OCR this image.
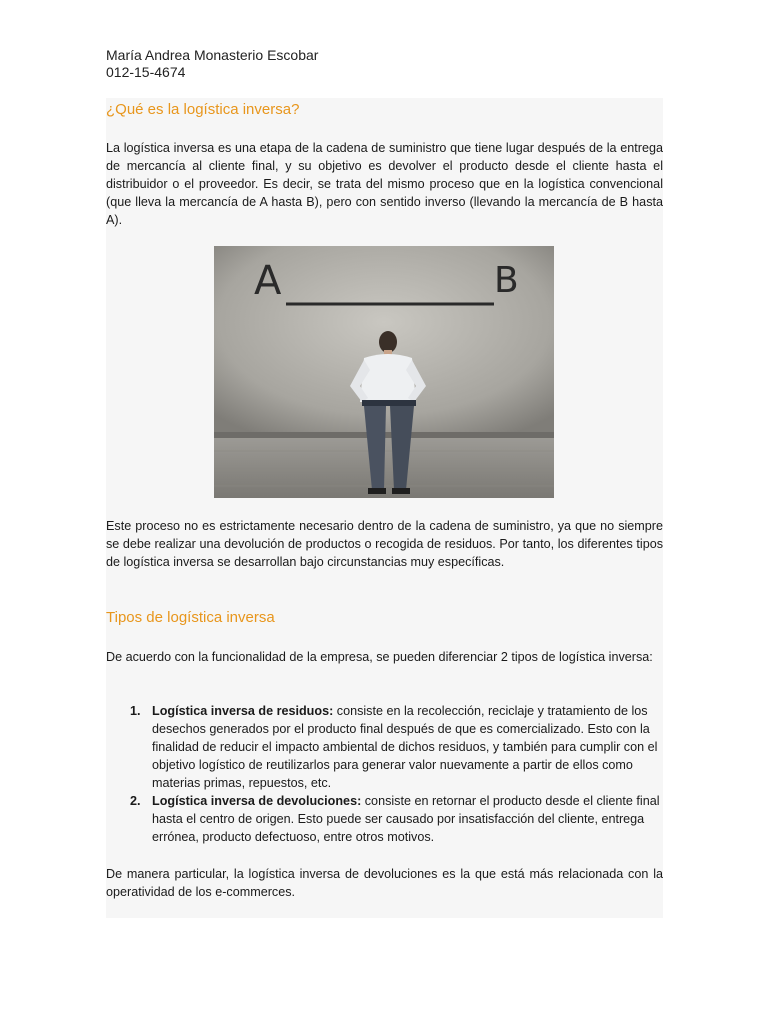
María Andrea Monasterio Escobar
012-15-4674
¿Qué es la logística inversa?

La logística inversa es una etapa de la cadena de suministro que tiene lugar después de la entrega de mercancía al cliente final, y su objetivo es devolver el producto desde el cliente hasta el distribuidor o el proveedor. Es decir, se trata del mismo proceso que en la logística convencional (que lleva la mercancía de A hasta B), pero con sentido inverso (llevando la mercancía de B hasta A).

A	B

Este proceso no es estrictamente necesario dentro de la cadena de suministro, ya que no siempre se debe realizar una devolución de productos o recogida de residuos. Por tanto, los diferentes tipos de logística inversa se desarrollan bajo circunstancias muy específicas.

Tipos de logística inversa

De acuerdo con la funcionalidad de la empresa, se pueden diferenciar 2 tipos de logística inversa:

1. Logística inversa de residuos: consiste en la recolección, reciclaje y tratamiento de los desechos generados por el producto final después de que es comercializado. Esto con la finalidad de reducir el impacto ambiental de dichos residuos, y también para cumplir con el objetivo logístico de reutilizarlos para generar valor nuevamente a partir de ellos como materias primas, repuestos, etc.
2. Logística inversa de devoluciones: consiste en retornar el producto desde el cliente final hasta el centro de origen. Esto puede ser causado por insatisfacción del cliente, entrega errónea, producto defectuoso, entre otros motivos.

De manera particular, la logística inversa de devoluciones es la que está más relacionada con la operatividad de los e-commerces.
